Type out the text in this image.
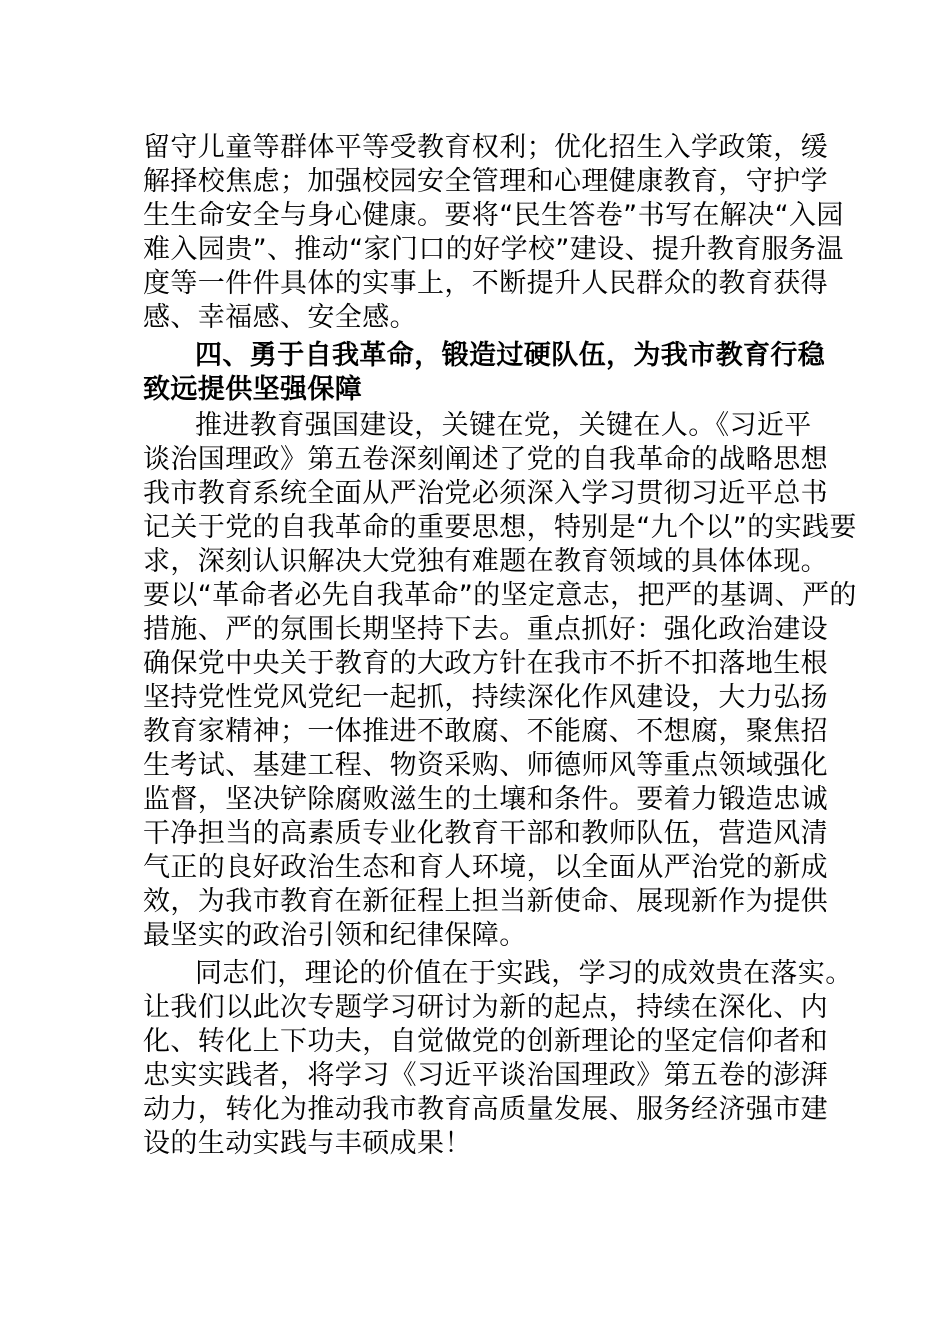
留守儿童等群体平等受教育权利；优化招生入学政策，缓
解择校焦虑；加强校园安全管理和心理健康教育，守护学
生生命安全与身心健康。要将“民生答卷”书写在解决“入园
难入园贵”、推动“家门口的好学校”建设、提升教育服务温
度等一件件具体的实事上，不断提升人民群众的教育获得
感、幸福感、安全感。
四、勇于自我革命，锻造过硬队伍，为我市教育行稳
致远提供坚强保障
推进教育强国建设，关键在党，关键在人。《习近平
谈治国理政》第五卷深刻阐述了党的自我革命的战略思想
我市教育系统全面从严治党必须深入学习贯彻习近平总书
记关于党的自我革命的重要思想，特别是“九个以”的实践要
求，深刻认识解决大党独有难题在教育领域的具体体现。
要以“革命者必先自我革命”的坚定意志，把严的基调、严的
措施、严的氛围长期坚持下去。重点抓好：强化政治建设
确保党中央关于教育的大政方针在我市不折不扣落地生根
坚持党性党风党纪一起抓，持续深化作风建设，大力弘扬
教育家精神；一体推进不敢腐、不能腐、不想腐，聚焦招
生考试、基建工程、物资采购、师德师风等重点领域强化
监督，坚决铲除腐败滋生的土壤和条件。要着力锻造忠诚
干净担当的高素质专业化教育干部和教师队伍，营造风清
气正的良好政治生态和育人环境，以全面从严治党的新成
效，为我市教育在新征程上担当新使命、展现新作为提供
最坚实的政治引领和纪律保障。
同志们，理论的价值在于实践，学习的成效贵在落实。
让我们以此次专题学习研讨为新的起点，持续在深化、内
化、转化上下功夫，自觉做党的创新理论的坚定信仰者和
忠实实践者，将学习《习近平谈治国理政》第五卷的澎湃
动力，转化为推动我市教育高质量发展、服务经济强市建
设的生动实践与丰硕成果！
